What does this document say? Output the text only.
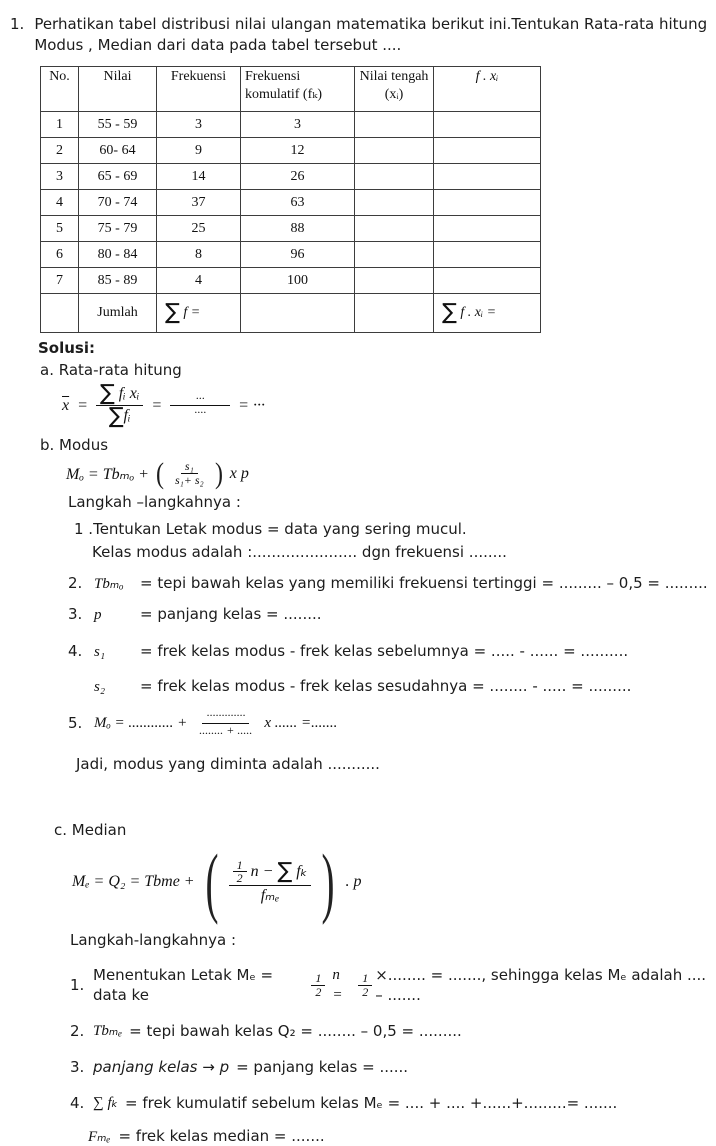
1. Perhatikan tabel distribusi nilai ulangan matematika berikut ini.Tentukan Rata-rata hitung
Modus , Median dari data pada tabel tersebut ....
No.	Nilai	Frekuensi	Frekuensi komulatif (fₖ)	Nilai tengah (xᵢ)	f . xᵢ
1	55 - 59	3	3		
2	60- 64	9	12		
3	65 - 69	14	26		
4	70 - 74	37	63		
5	75 - 79	25	88		
6	80 - 84	8	96		
7	85 - 89	4	100		
	Jumlah	∑ f =			∑ f . xᵢ =
Solusi:
a. Rata-rata hitung
$\overline{x} = \frac{\text{∑ fᵢ xᵢ}}{\text{∑fᵢ}} = \frac{\cdot\cdot\cdot}{\cdot\cdot\cdot\cdot}$ = ···
b. Modus
Mₒ = Tbₘₒ + ( $\frac{\text{s₁}}{\text{s₁+ s₂}}$ ) x p
Langkah –langkahnya :
1 .Tentukan Letak modus = data yang sering mucul.
Kelas modus adalah :...................... dgn frekuensi ........
2. Tbₘₒ	= tepi bawah kelas yang memiliki frekuensi tertinggi = ......... – 0,5 = .........
3. p	= panjang kelas = ........
4. s₁	= frek kelas modus - frek kelas sebelumnya = ..... - ...... = ..........
s₂	= frek kelas modus - frek kelas sesudahnya = ........ - ..... = .........
5. Mₒ = ............ + $\frac{\cdot\cdot\cdot\cdot\cdot\cdot\cdot\cdot\cdot\cdot\cdot\cdot\cdot}{........ + .....}$ x ...... =.......
Jadi, modus yang diminta adalah ...........
c. Median
Mₑ = Q₂ = Tbme + ( $\frac{\frac{1}{2} n - \sum f_k}{\text{fₘₑ}}$ ) . p
Langkah-langkahnya :
1.
Menentukan Letak Mₑ = data ke	$\frac{1}{2}$ n =	$\frac{1}{2}$ ×........ = ......., sehingga kelas Mₑ adalah .... – .......
2. Tbₘₑ = tepi bawah kelas Q₂ = ........ – 0,5 = .........
3. panjang kelas → p = panjang kelas = ......
4. ∑ fₖ = frek kumulatif sebelum kelas Mₑ = .... + .... +......+.........= .......
Fₘₑ = frek kelas median = .......
